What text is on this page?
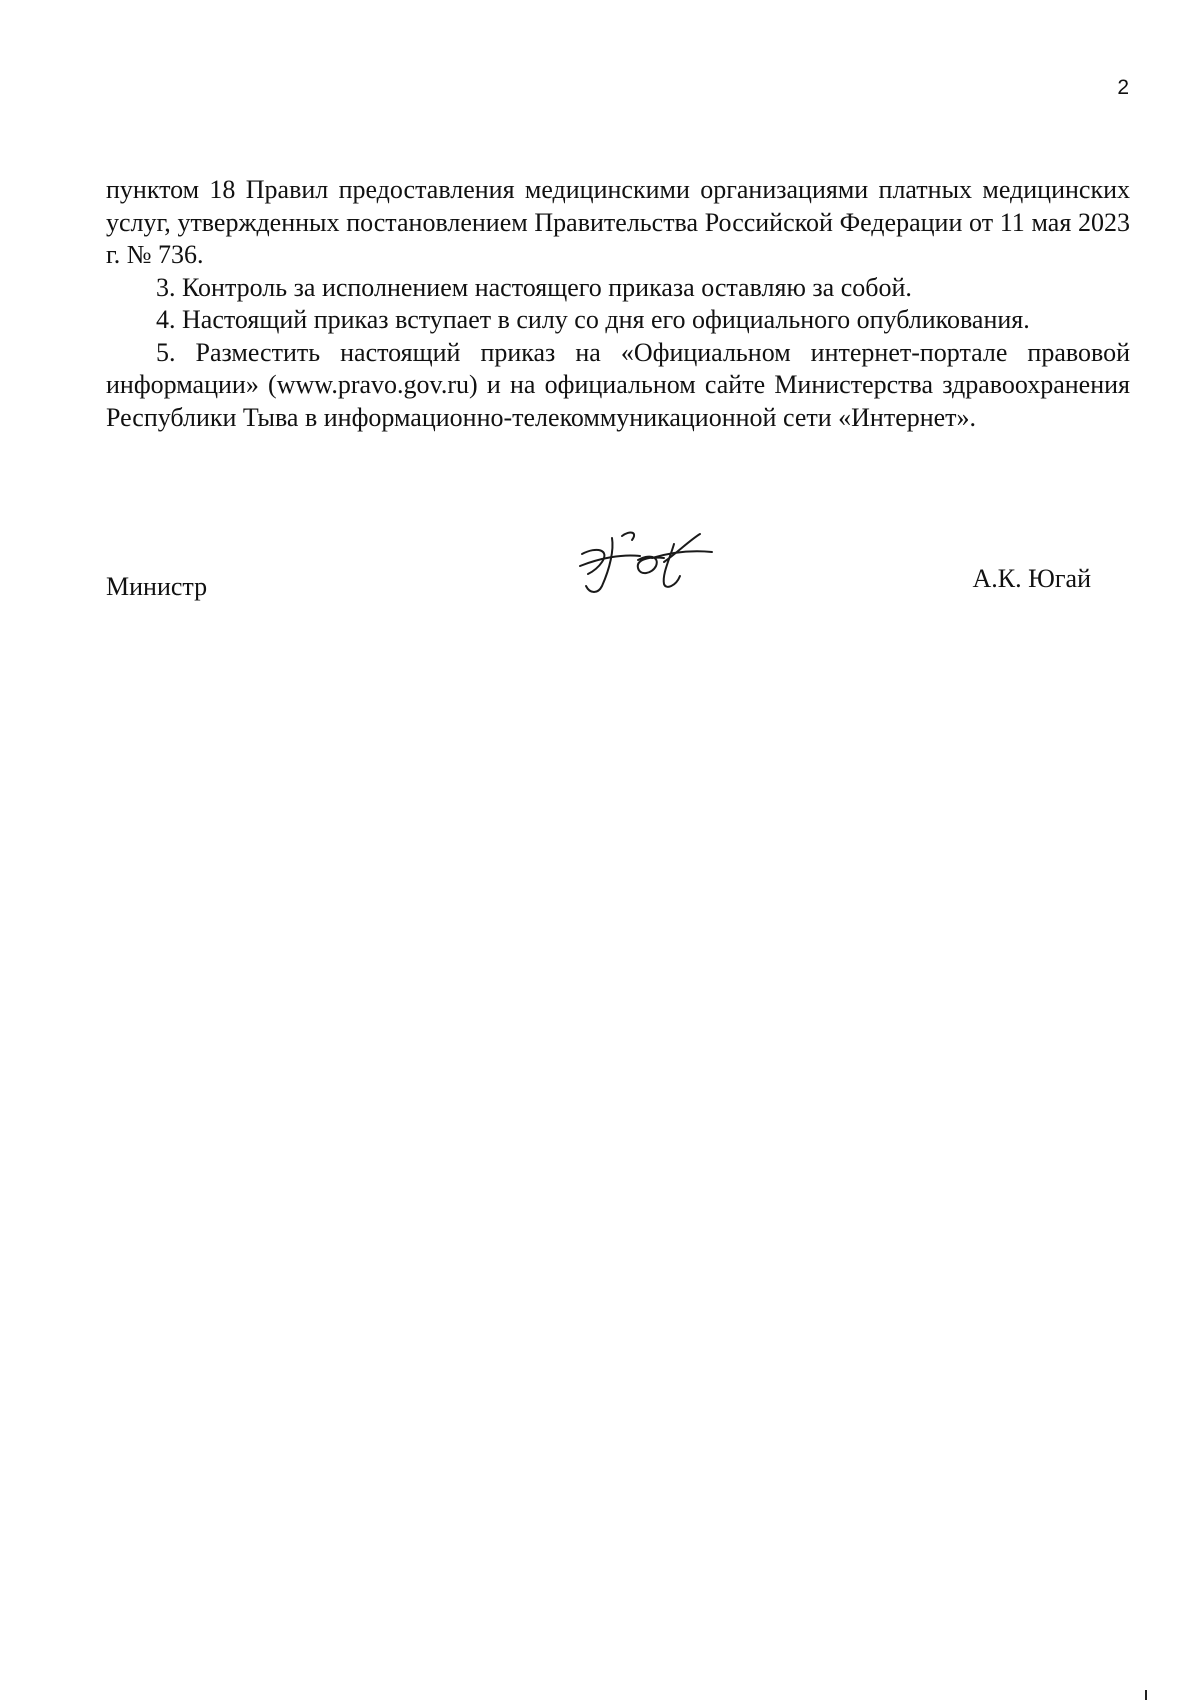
2

пунктом 18 Правил предоставления медицинскими организациями платных медицинских услуг, утвержденных постановлением Правительства Российской Федерации от 11 мая 2023 г. № 736.

3. Контроль за исполнением настоящего приказа оставляю за собой.

4. Настоящий приказ вступает в силу со дня его официального опубликования.

5. Разместить настоящий приказ на «Официальном интернет-портале правовой информации» (www.pravo.gov.ru) и на официальном сайте Министерства здравоохранения Республики Тыва в информационно-телекоммуникационной сети «Интернет».

Министр	А.К. Югай
